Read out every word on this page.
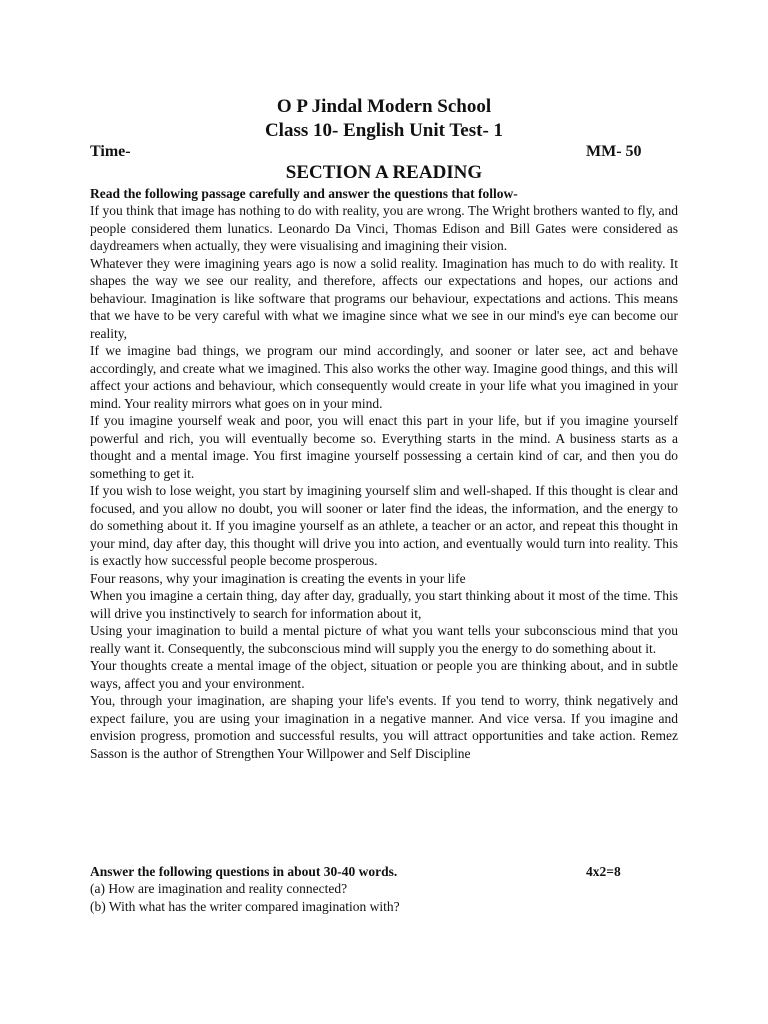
O P Jindal Modern School
Class 10- English Unit Test- 1
Time-	MM- 50
SECTION A READING
Read the following passage carefully and answer the questions that follow-

If you think that image has nothing to do with reality, you are wrong. The Wright brothers wanted to fly, and people considered them lunatics. Leonardo Da Vinci, Thomas Edison and Bill Gates were considered as daydreamers when actually, they were visualising and imagining their vision.

Whatever they were imagining years ago is now a solid reality. Imagination has much to do with reality. It shapes the way we see our reality, and therefore, affects our expectations and hopes, our actions and behaviour. Imagination is like software that programs our behaviour, expectations and actions. This means that we have to be very careful with what we imagine since what we see in our mind's eye can become our reality,

If we imagine bad things, we program our mind accordingly, and sooner or later see, act and behave accordingly, and create what we imagined. This also works the other way. Imagine good things, and this will affect your actions and behaviour, which consequently would create in your life what you imagined in your mind. Your reality mirrors what goes on in your mind.

If you imagine yourself weak and poor, you will enact this part in your life, but if you imagine yourself powerful and rich, you will eventually become so. Everything starts in the mind. A business starts as a thought and a mental image. You first imagine yourself possessing a certain kind of car, and then you do something to get it.

If you wish to lose weight, you start by imagining yourself slim and well-shaped. If this thought is clear and focused, and you allow no doubt, you will sooner or later find the ideas, the information, and the energy to do something about it. If you imagine yourself as an athlete, a teacher or an actor, and repeat this thought in your mind, day after day, this thought will drive you into action, and eventually would turn into reality. This is exactly how successful people become prosperous.

Four reasons, why your imagination is creating the events in your life

When you imagine a certain thing, day after day, gradually, you start thinking about it most of the time. This will drive you instinctively to search for information about it,

Using your imagination to build a mental picture of what you want tells your subconscious mind that you really want it. Consequently, the subconscious mind will supply you the energy to do something about it.

Your thoughts create a mental image of the object, situation or people you are thinking about, and in subtle ways, affect you and your environment.

You, through your imagination, are shaping your life's events. If you tend to worry, think negatively and expect failure, you are using your imagination in a negative manner. And vice versa. If you imagine and envision progress, promotion and successful results, you will attract opportunities and take action. Remez Sasson is the author of Strengthen Your Willpower and Self Discipline

Answer the following questions in about 30-40 words.	4x2=8
(a) How are imagination and reality connected?
(b) With what has the writer compared imagination with?
